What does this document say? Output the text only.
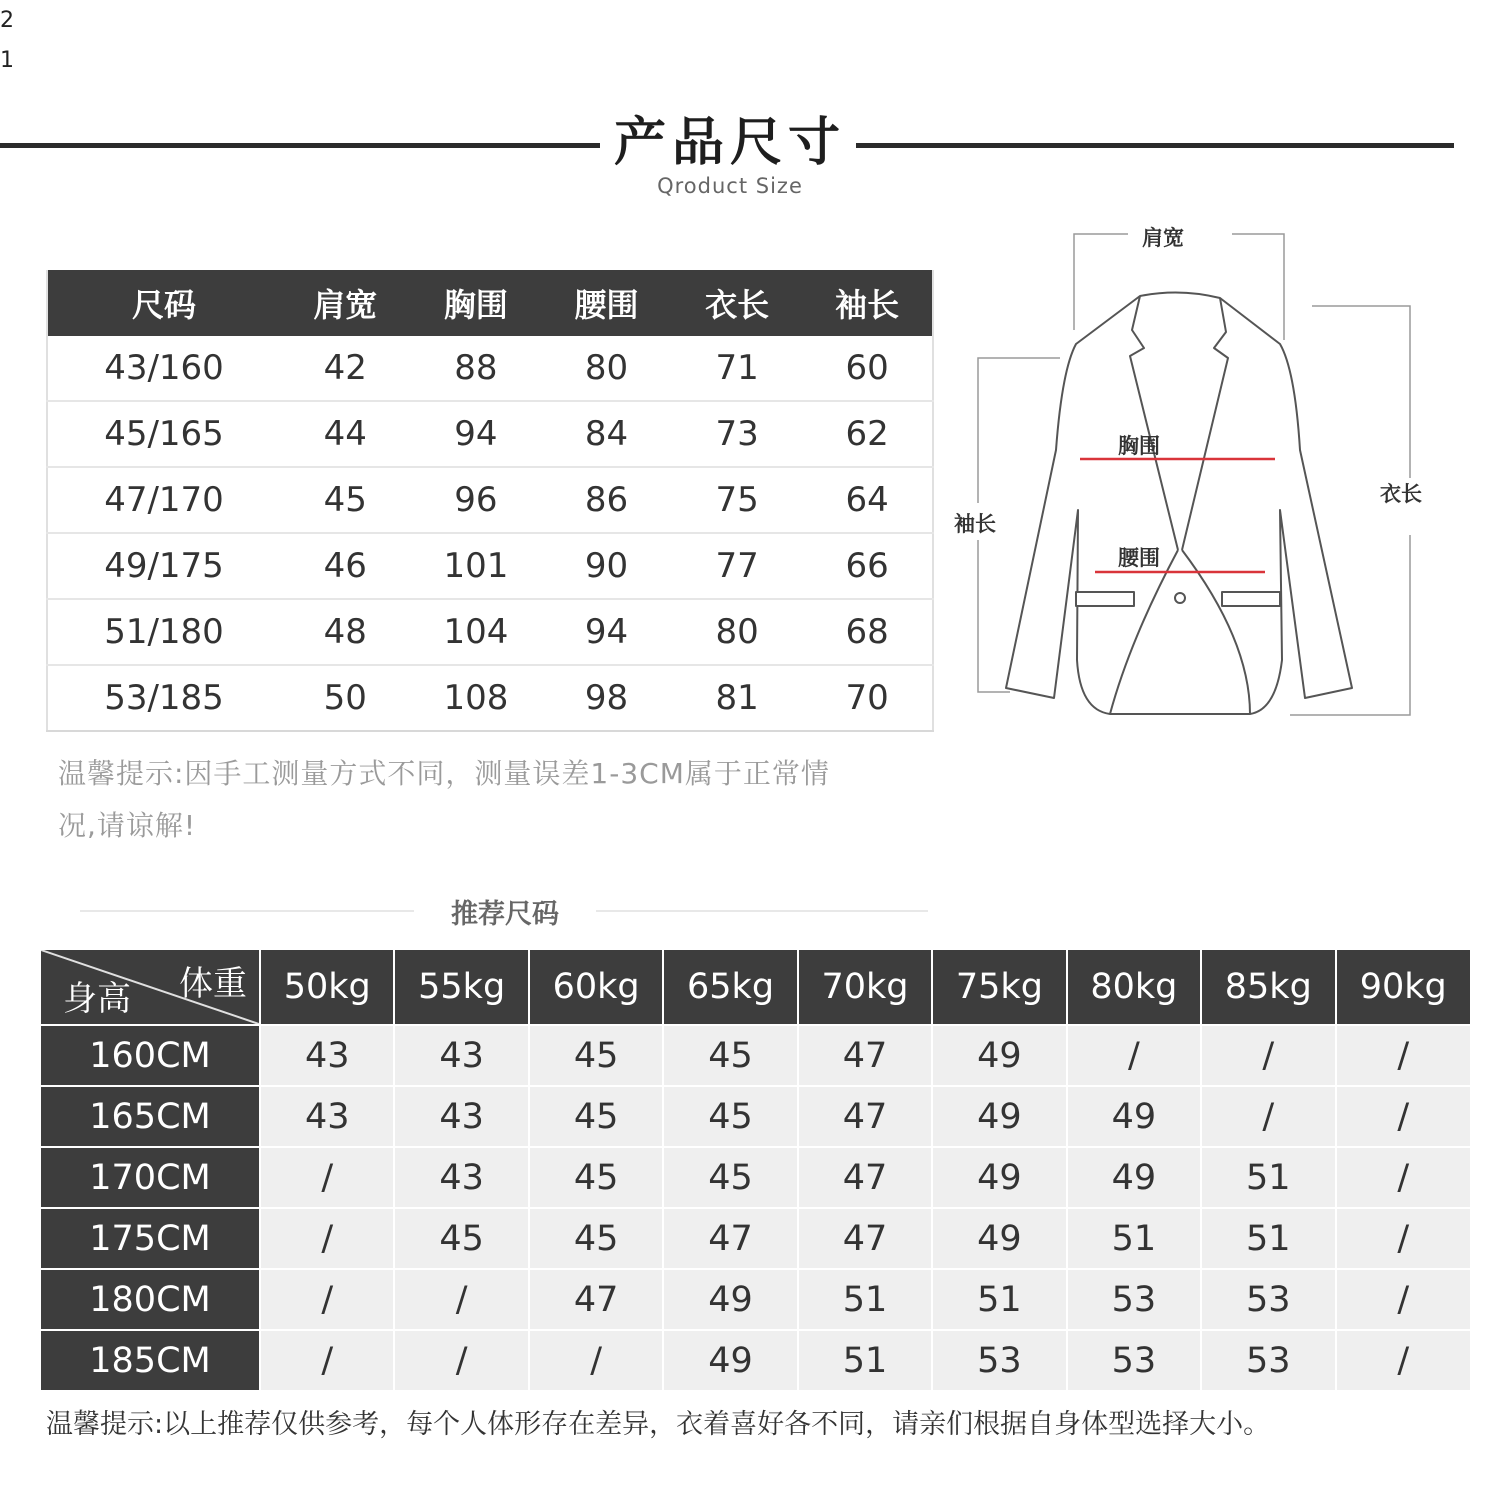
2
1
产品尺寸
Qroduct Size
尺码	肩宽	胸围	腰围	衣长	袖长
43/160	42	88	80	71	60
45/165	44	94	84	73	62
47/170	45	96	86	75	64
49/175	46	101	90	77	66
51/180	48	104	94	80	68
53/185	50	108	98	81	70
肩宽
胸围
腰围
袖长
衣长
温馨提示:因手工测量方式不同，测量误差1-3CM属于正常情
况,请谅解!
推荐尺码
体重
身高	50kg	55kg	60kg	65kg	70kg	75kg	80kg	85kg	90kg
160CM	43	43	45	45	47	49	/	/	/
165CM	43	43	45	45	47	49	49	/	/
170CM	/	43	45	45	47	49	49	51	/
175CM	/	45	45	47	47	49	51	51	/
180CM	/	/	47	49	51	51	53	53	/
185CM	/	/	/	49	51	53	53	53	/
温馨提示:以上推荐仅供参考，每个人体形存在差异，衣着喜好各不同，请亲们根据自身体型选择大小。
